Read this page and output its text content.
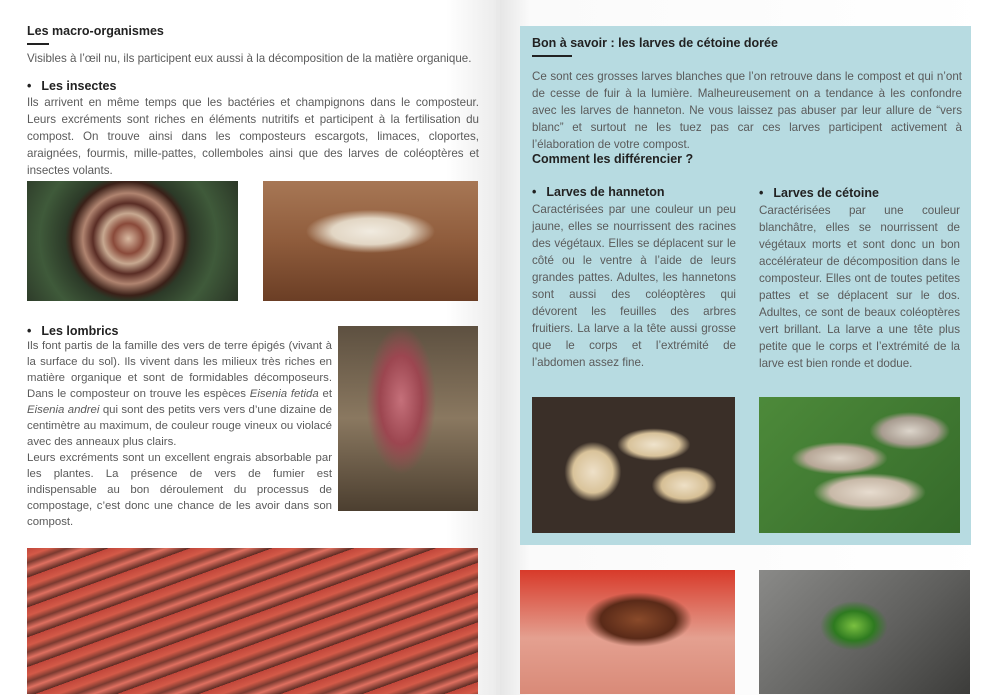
Les macro-organismes

Visibles à l’œil nu, ils participent eux aussi à la décomposition de la matière organique.

• Les insectes

Ils arrivent en même temps que les bactéries et champignons dans le composteur. Leurs excréments sont riches en éléments nutritifs et participent à la fertilisation du compost. On trouve ainsi dans les composteurs escargots, limaces, cloportes, araignées, fourmis, mille-pattes, collemboles ainsi que des larves de coléoptères et insectes volants.

• Les lombrics

Ils font partis de la famille des vers de terre épigés (vivant à la surface du sol). Ils vivent dans les milieux très riches en matière organique et sont de formidables décomposeurs. Dans le composteur on trouve les espèces Eisenia fetida et Eisenia andrei qui sont des petits vers vers d’une dizaine de centimètre au maximum, de couleur rouge vineux ou violacé avec des anneaux plus clairs.
Leurs excréments sont un excellent engrais absorbable par les plantes. La présence de vers de fumier est indispensable au bon déroulement du processus de compostage, c’est donc une chance de les avoir dans son compost.

Bon à savoir : les larves de cétoine dorée

Ce sont ces grosses larves blanches que l’on retrouve dans le compost et qui n’ont de cesse de fuir à la lumière. Malheureusement on a tendance à les confondre avec les larves de hanneton. Ne vous laissez pas abuser par leur allure de “vers blanc” et surtout ne les tuez pas car ces larves participent activement à l’élaboration de votre compost.

Comment les différencier ?
• Larves de hanneton

Caractérisées par une couleur un peu jaune, elles se nourrissent des racines des végétaux. Elles se déplacent sur le côté ou le ventre à l’aide de leurs grandes pattes. Adultes, les hannetons sont aussi des coléoptères qui dévorent les feuilles des arbres fruitiers. La larve a la tête aussi grosse que le corps et l’extrémité de l’abdomen assez fine.

• Larves de cétoine

Caractérisées par une couleur blanchâtre, elles se nourrissent de végétaux morts et sont donc un bon accélérateur de décomposition dans le composteur. Elles ont de toutes petites pattes et se déplacent sur le dos. Adultes, ce sont de beaux coléoptères vert brillant. La larve a une tête plus petite que le corps et l’extrémité de la larve est bien ronde et dodue.
